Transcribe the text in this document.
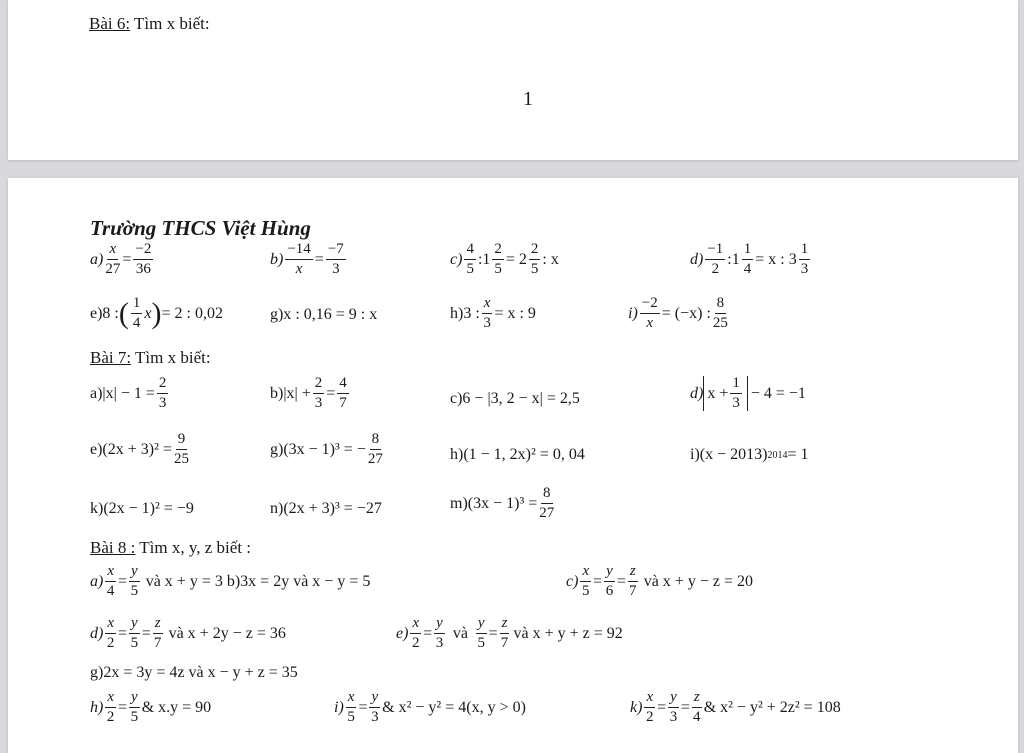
Bài 6: Tìm x biết:
1
Trường THCS Việt Hùng
$a) \frac{x}{27} = \frac{-2}{36}$	$b) \frac{-14}{x} = \frac{-7}{3}$	$c) \frac{4}{5}$ :1 $\frac{2}{5} = 2 \frac{2}{5}$ : x	$d) \frac{-1}{2}$ :1 $\frac{1}{4} = x$ : $3 \frac{1}{3}$
e)8 : ( $\frac{1}{4}$ x ) = 2 : 0,02	g)x : 0,16 = 9 : x	h)3 : $\frac{x}{3} = x$ : 9	$i) \frac{-2}{x} = (-x)$ : $\frac{8}{25}$
Bài 7: Tìm x biết:
$a)|x| - 1 = \frac{2}{3}$	$b)|x| + \frac{2}{3} = \frac{4}{7}$	c)6 − |3, 2 − x| = 2,5	d) $x + \frac{1}{3} - 4 = -1$
$e)(2x + 3)^2 = \frac{9}{25}$	g)(3x − 1)³ = − $\frac{8}{27}$	h)(1 − 1, 2x)² = 0, 04	i)(x − 2013) 2014 = 1
k)(2x − 1)² = −9	n)(2x + 3)³ = −27	$m)(3x - 1)^3 = \frac{8}{27}$
Bài 8 : Tìm x, y, z biết :
$a) \frac{x}{4} = \frac{y}{5}$ và x + y = 3 b)3x = 2y và x − y = 5	$c) \frac{x}{5} = \frac{y}{6} = \frac{z}{7}$ và x + y − z = 20
$d) \frac{x}{2} = \frac{y}{5} = \frac{z}{7}$ và x + 2y − z = 36	$e) \frac{x}{2} = \frac{y}{3}$ và $\frac{y}{5} = \frac{z}{7}$ và x + y + z = 92
g)2x = 3y = 4z và x − y + z = 35
$h) \frac{x}{2} = \frac{y}{5}$ & x.y = 90	$i) \frac{x}{5} = \frac{y}{3}$ & x² − y² = 4(x, y > 0)	$k) \frac{x}{2} = \frac{y}{3} = \frac{z}{4}$ & x² − y² + 2z² = 108
